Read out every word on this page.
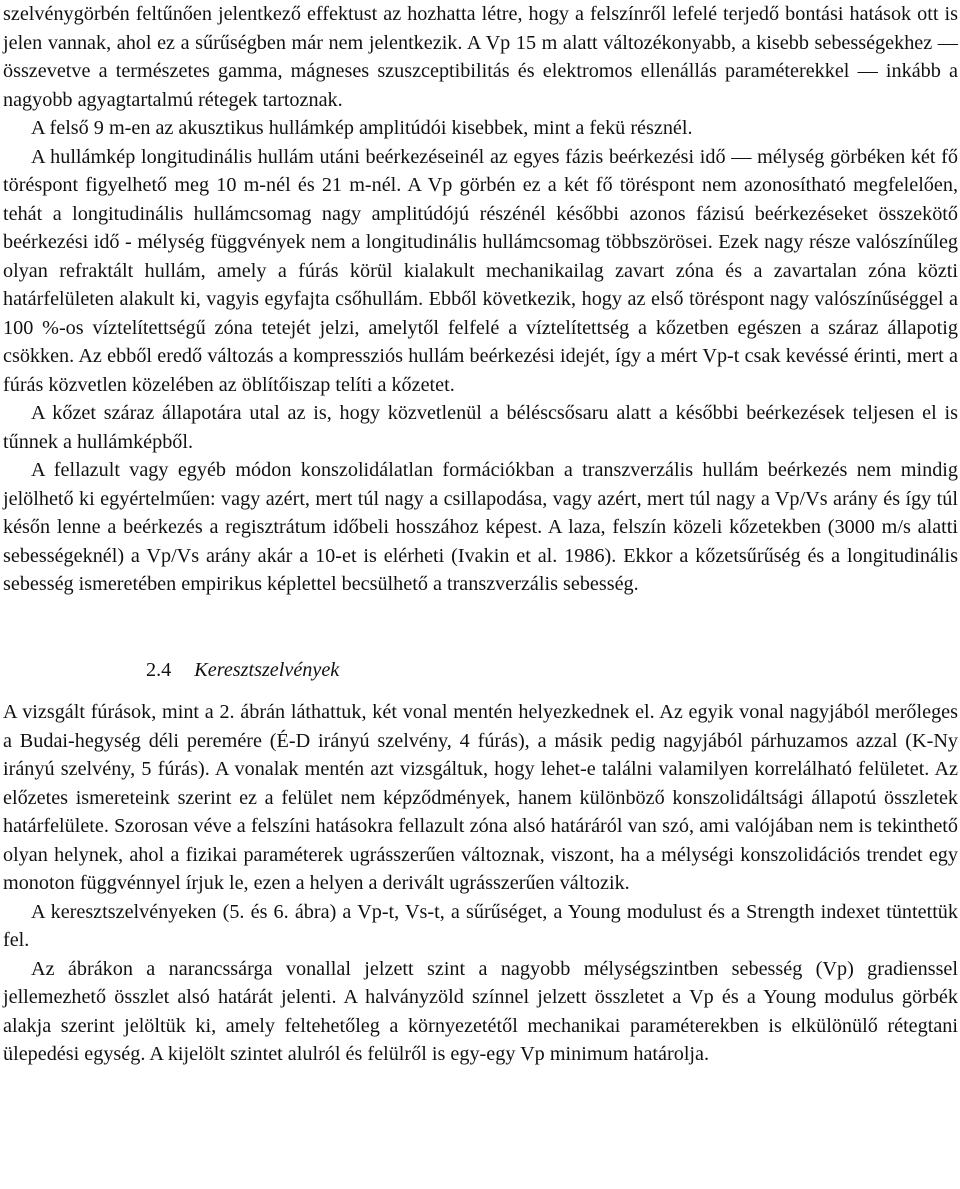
szelvénygörbén feltűnően jelentkező effektust az hozhatta létre, hogy a felszínről lefelé terjedő bontási hatások ott is jelen vannak, ahol ez a sűrűségben már nem jelentkezik. A Vp 15 m alatt változékonyabb, a kisebb sebességekhez — összevetve a természetes gamma, mágneses szuszceptibilitás és elektromos ellenállás paraméterekkel — inkább a nagyobb agyagtartalmú rétegek tartoznak.

A felső 9 m-en az akusztikus hullámkép amplitúdói kisebbek, mint a fekü résznél.

A hullámkép longitudinális hullám utáni beérkezéseinél az egyes fázis beérkezési idő — mélység görbéken két fő töréspont figyelhető meg 10 m-nél és 21 m-nél. A Vp görbén ez a két fő töréspont nem azonosítható megfelelően, tehát a longitudinális hullámcsomag nagy amplitúdójú részénél későbbi azonos fázisú beérkezéseket összekötő beérkezési idő - mélység függvények nem a longitudinális hullámcsomag többszörösei. Ezek nagy része valószínűleg olyan refraktált hullám, amely a fúrás körül kialakult mechanikailag zavart zóna és a zavartalan zóna közti határfelületen alakult ki, vagyis egyfajta csőhullám. Ebből következik, hogy az első töréspont nagy valószínűséggel a 100 %-os víztelítettségű zóna tetejét jelzi, amelytől felfelé a víztelítettség a kőzetben egészen a száraz állapotig csökken. Az ebből eredő változás a kompressziós hullám beérkezési idejét, így a mért Vp-t csak kevéssé érinti, mert a fúrás közvetlen közelében az öblítőiszap telíti a kőzetet.

A kőzet száraz állapotára utal az is, hogy közvetlenül a béléscsősaru alatt a későbbi beérkezések teljesen el is tűnnek a hullámképből.

A fellazult vagy egyéb módon konszolidálatlan formációkban a transzverzális hullám beérkezés nem mindig jelölhető ki egyértelműen: vagy azért, mert túl nagy a csillapodása, vagy azért, mert túl nagy a Vp/Vs arány és így túl későn lenne a beérkezés a regisztrátum időbeli hosszához képest. A laza, felszín közeli kőzetekben (3000 m/s alatti sebességeknél) a Vp/Vs arány akár a 10-et is elérheti (Ivakin et al. 1986). Ekkor a kőzetsűrűség és a longitudinális sebesség ismeretében empirikus képlettel becsülhető a transzverzális sebesség.

2.4 Keresztszelvények

A vizsgált fúrások, mint a 2. ábrán láthattuk, két vonal mentén helyezkednek el. Az egyik vonal nagyjából merőleges a Budai-hegység déli peremére (É-D irányú szelvény, 4 fúrás), a másik pedig nagyjából párhuzamos azzal (K-Ny irányú szelvény, 5 fúrás). A vonalak mentén azt vizsgáltuk, hogy lehet-e találni valamilyen korrelálható felületet. Az előzetes ismereteink szerint ez a felület nem képződmények, hanem különböző konszolidáltsági állapotú összletek határfelülete. Szorosan véve a felszíni hatásokra fellazult zóna alsó határáról van szó, ami valójában nem is tekinthető olyan helynek, ahol a fizikai paraméterek ugrásszerűen változnak, viszont, ha a mélységi konszolidációs trendet egy monoton függvénnyel írjuk le, ezen a helyen a derivált ugrásszerűen változik.

A keresztszelvényeken (5. és 6. ábra) a Vp-t, Vs-t, a sűrűséget, a Young modulust és a Strength indexet tüntettük fel.

Az ábrákon a narancssárga vonallal jelzett szint a nagyobb mélységszintben sebesség (Vp) gradienssel jellemezhető összlet alsó határát jelenti. A halványzöld színnel jelzett összletet a Vp és a Young modulus görbék alakja szerint jelöltük ki, amely feltehetőleg a környezetétől mechanikai paraméterekben is elkülönülő rétegtani ülepedési egység. A kijelölt szintet alulról és felülről is egy-egy Vp minimum határolja.
